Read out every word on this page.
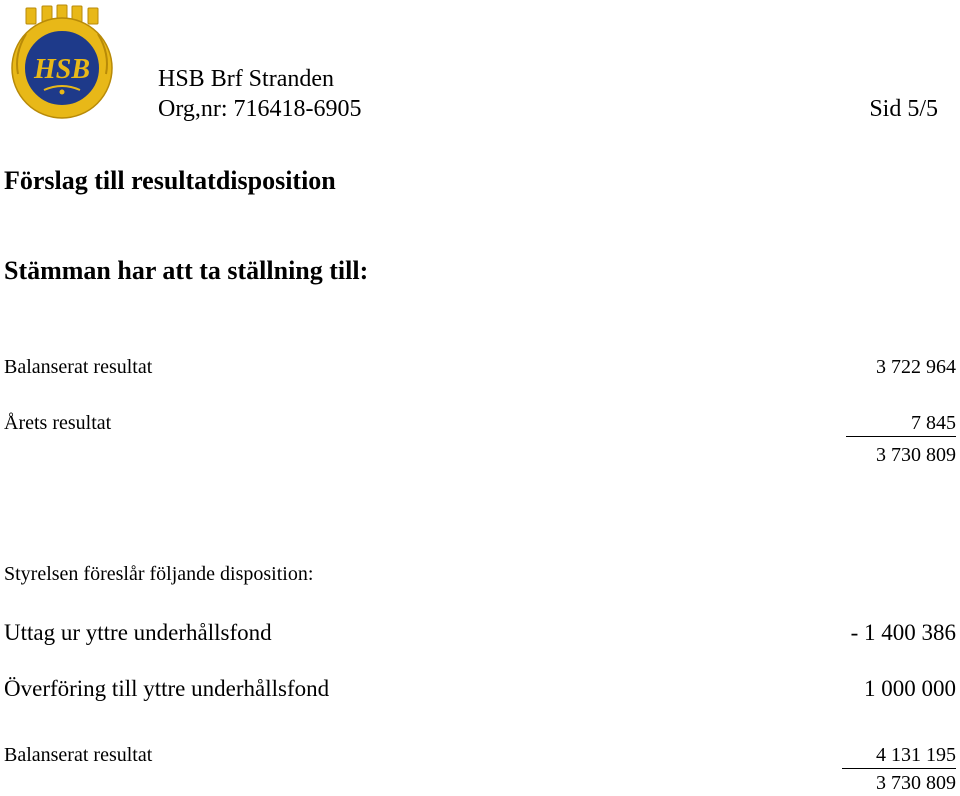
HSB	HSB Brf Stranden
Org,nr: 716418-6905	Sid 5/5
Förslag till resultatdisposition
Stämman har att ta ställning till:
Balanserat resultat	3 722 964
Årets resultat	7 845
3 730 809
Styrelsen föreslår följande disposition:
Uttag ur yttre underhållsfond	- 1 400 386
Överföring till yttre underhållsfond	1 000 000
Balanserat resultat	4 131 195
3 730 809
